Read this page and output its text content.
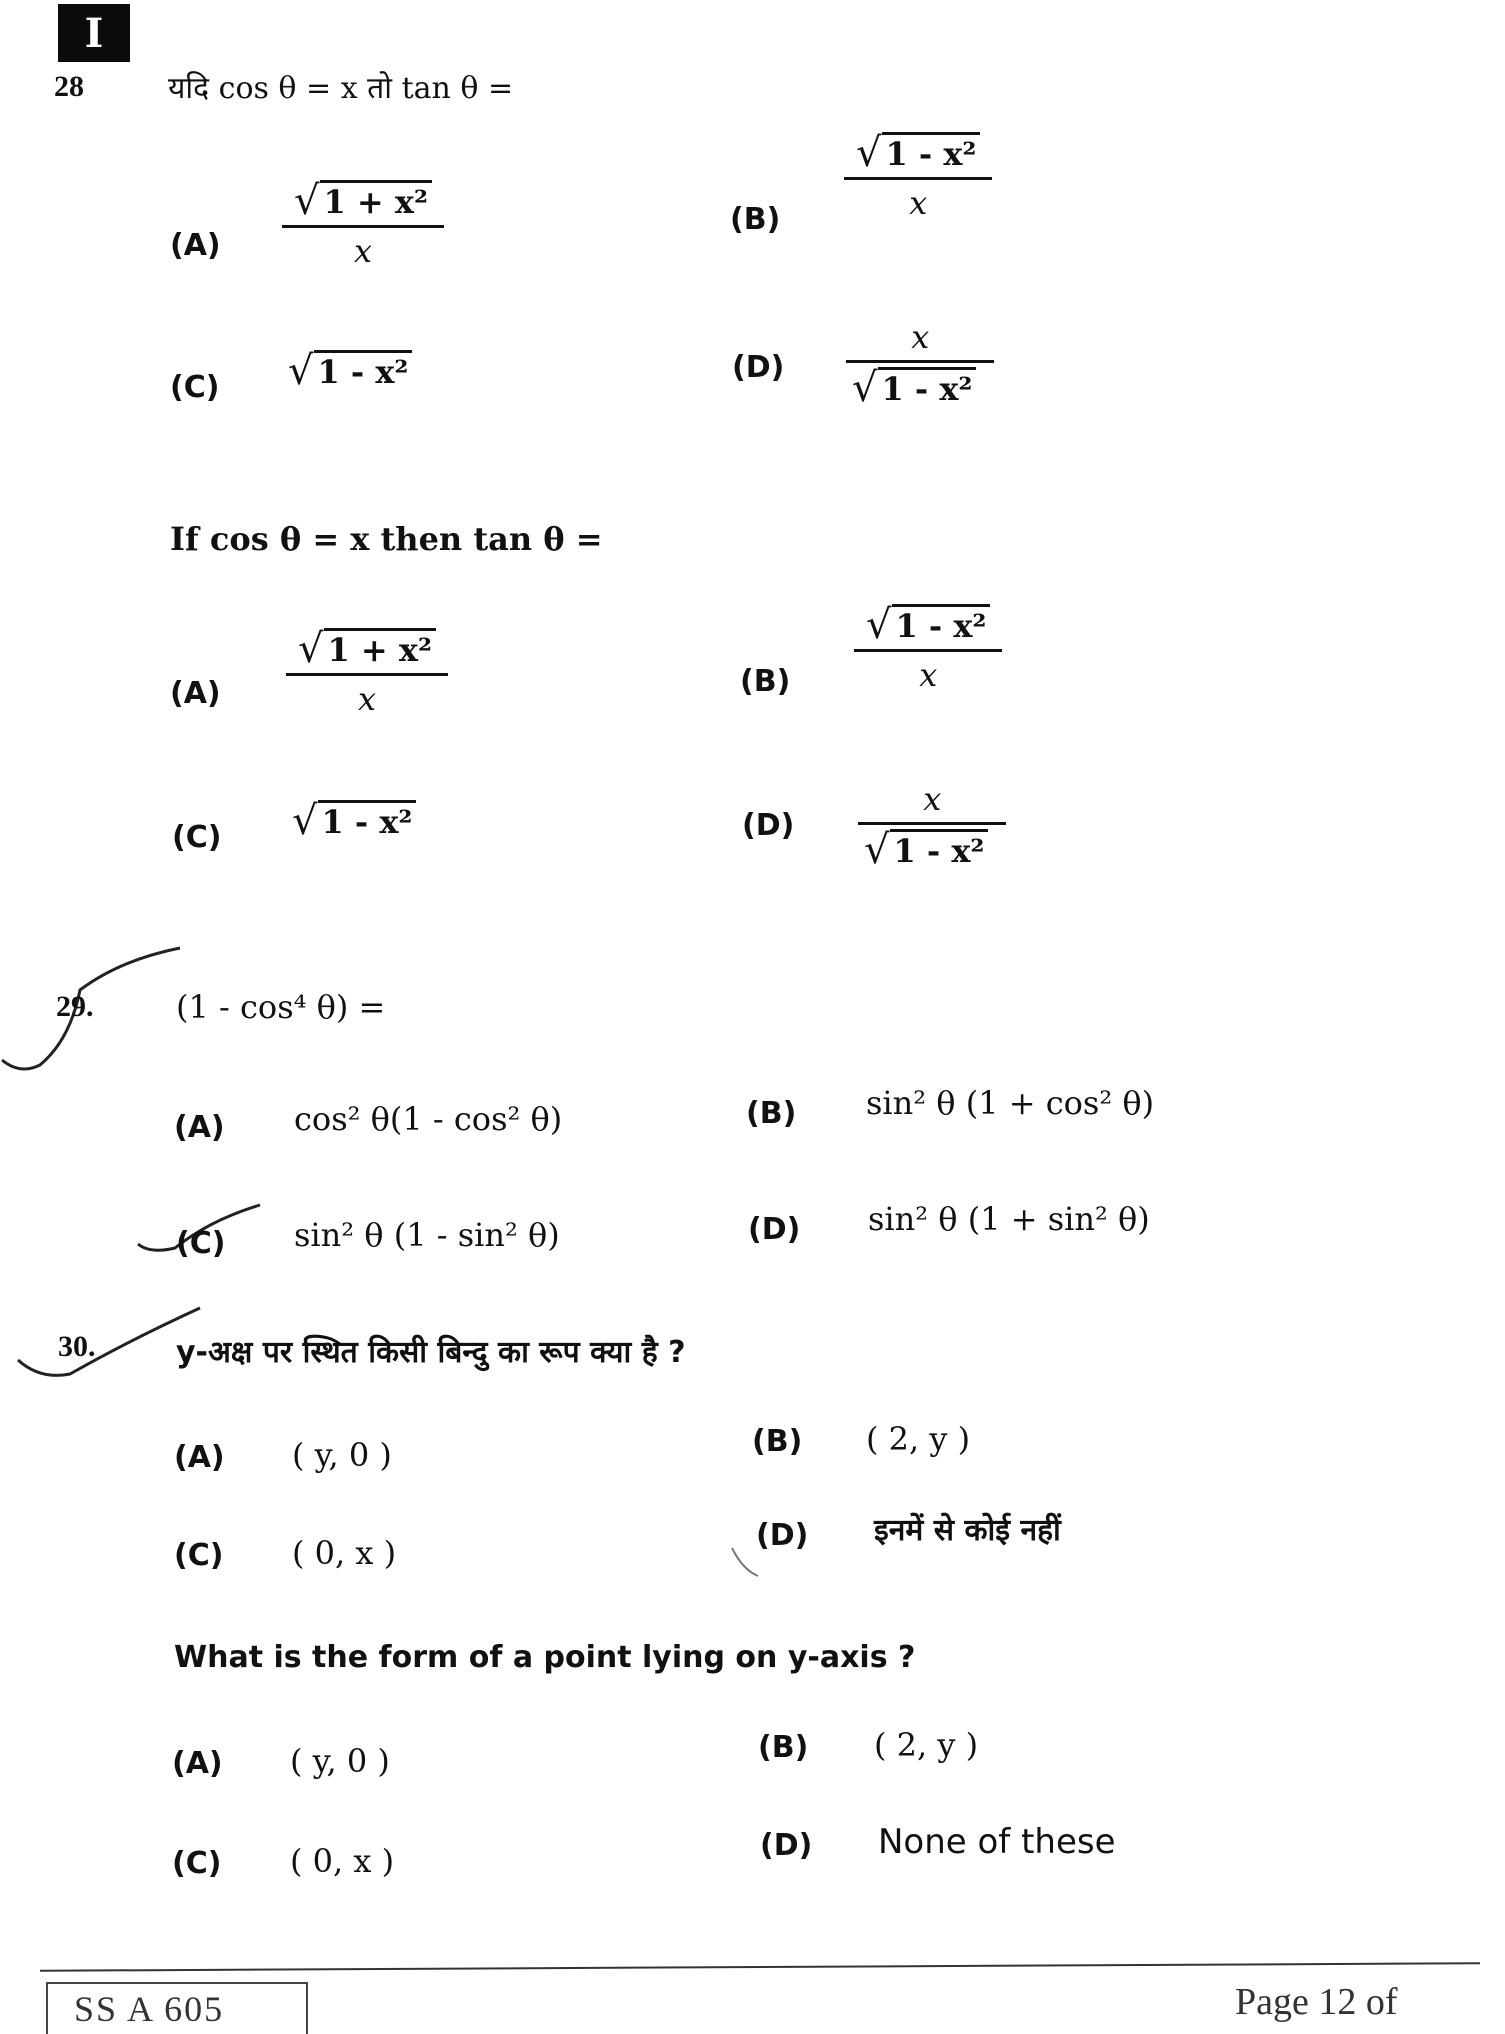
I
28	यदि cos θ = x तो tan θ =
$(A) \frac{\text{√ 1 + x²}}{x}$	$(B) \frac{\text{√ 1 - x²}}{x}$
(C) √ 1 - x²	$(D) \frac{x}{\text{√ 1 - x²}}$
If cos θ = x then tan θ =
$(A) \frac{\text{√ 1 + x²}}{x}$	$(B) \frac{\text{√ 1 - x²}}{x}$
(C) √ 1 - x²	$(D) \frac{x}{\text{√ 1 - x²}}$
29.	(1 - cos⁴ θ) =
(A) cos² θ(1 - cos² θ)	(B) sin² θ (1 + cos² θ)
(C) sin² θ (1 - sin² θ)	(D) sin² θ (1 + sin² θ)
30.	y-अक्ष पर स्थित किसी बिन्दु का रूप क्या है ?
(A) ( y, 0 )	(B) ( 2, y )
(C) ( 0, x )	(D) इनमें से कोई नहीं
What is the form of a point lying on y-axis ?
(A) ( y, 0 )	(B) ( 2, y )
(C) ( 0, x )	(D) None of these
SS A 605	Page 12 of
